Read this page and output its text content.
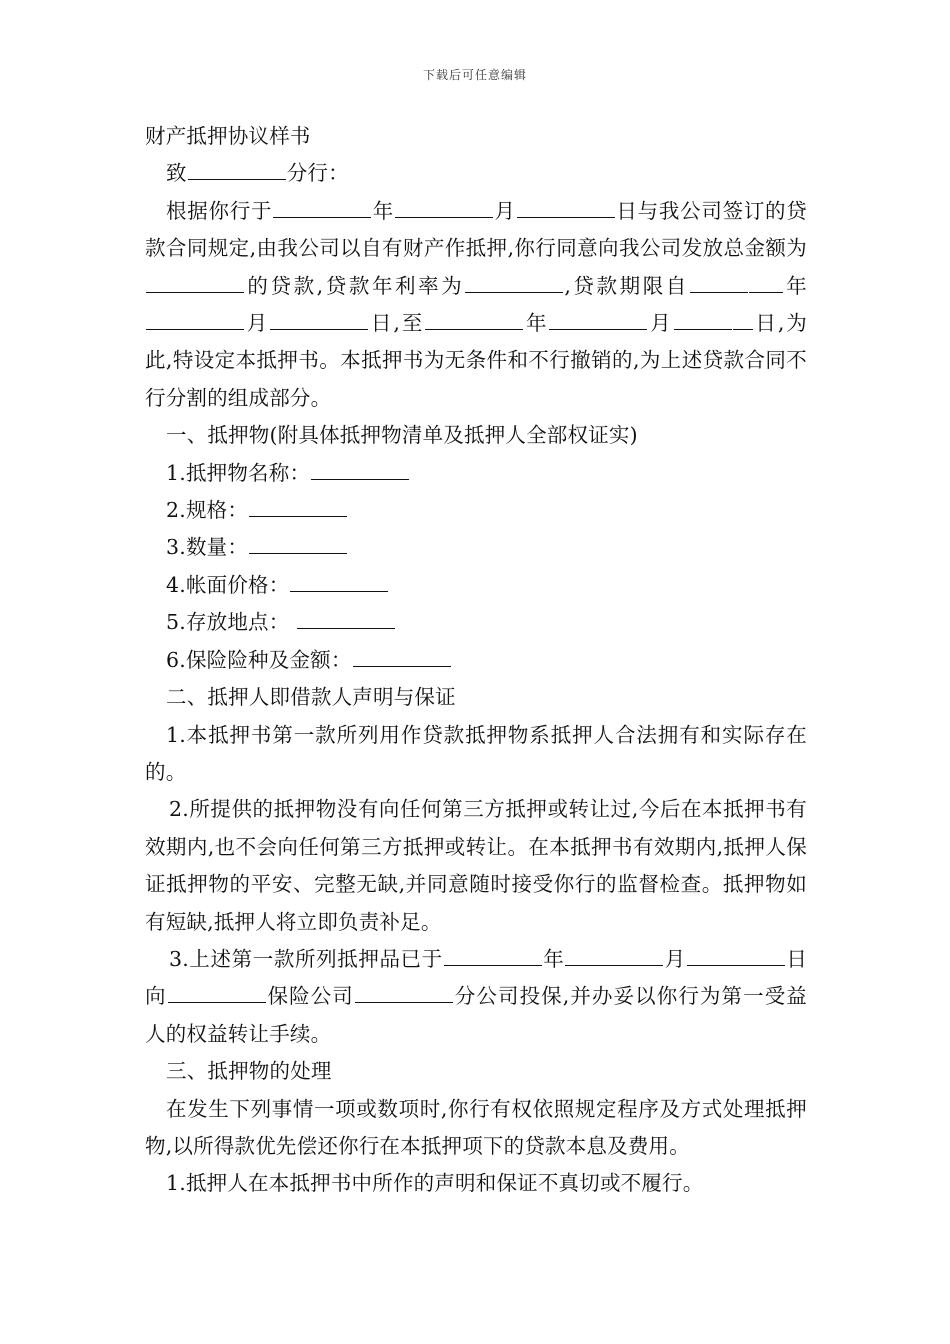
下载后可任意编辑

财产抵押协议样书

致	分行：

根据你行于	年	月	日与我公司签订的贷款合同规定,由我公司以自有财产作抵押,你行同意向我公司发放总金额为的贷款,贷款年利率为	,贷款期限自	年月	日,至	年	月	日,为此,特设定本抵押书。本抵押书为无条件和不行撤销的,为上述贷款合同不行分割的组成部分。

一、抵押物(附具体抵押物清单及抵押人全部权证实)

1.抵押物名称：

2.规格：

3.数量：

4.帐面价格：

5.存放地点：

6.保险险种及金额：

二、抵押人即借款人声明与保证

1.本抵押书第一款所列用作贷款抵押物系抵押人合法拥有和实际存在的。

2.所提供的抵押物没有向任何第三方抵押或转让过,今后在本抵押书有效期内,也不会向任何第三方抵押或转让。在本抵押书有效期内,抵押人保证抵押物的平安、完整无缺,并同意随时接受你行的监督检查。抵押物如有短缺,抵押人将立即负责补足。

3.上述第一款所列抵押品已于	年	月	日向	保险公司	分公司投保,并办妥以你行为第一受益人的权益转让手续。

三、抵押物的处理

在发生下列事情一项或数项时,你行有权依照规定程序及方式处理抵押物,以所得款优先偿还你行在本抵押项下的贷款本息及费用。

1.抵押人在本抵押书中所作的声明和保证不真切或不履行。
